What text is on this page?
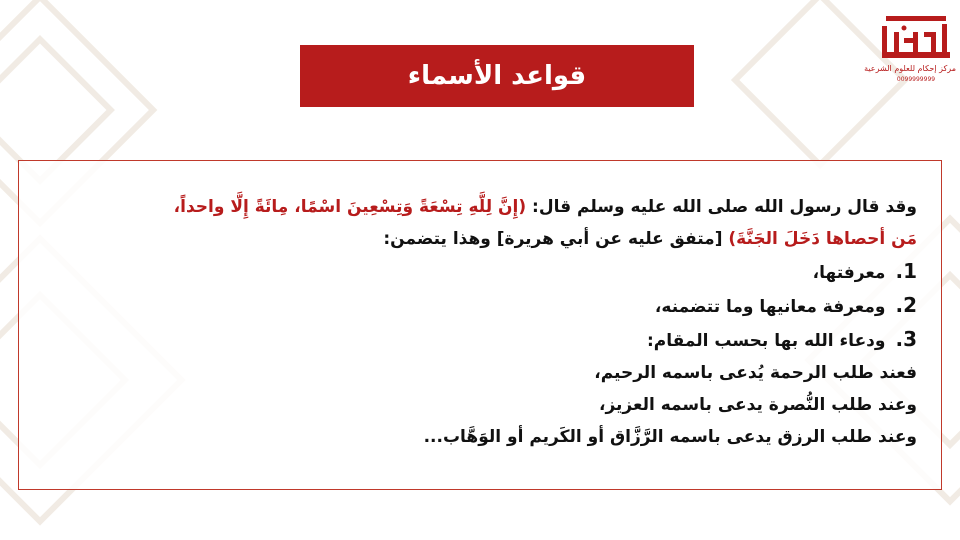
مركز إحكام للعلوم الشرعية
0099999999
قواعد الأسماء
وقد قال رسول الله صلى الله عليه وسلم قال: (إِنَّ لِلَّهِ تِسْعَةً وَتِسْعِينَ اسْمًا، مِائَةً إِلَّا واحداً،
مَن أحصاها دَخَلَ الجَنَّةَ) [متفق عليه عن أبي هريرة] وهذا يتضمن:
1.معرفتها،
2.ومعرفة معانيها وما تتضمنه،
3.ودعاء الله بها بحسب المقام:
فعند طلب الرحمة يُدعى باسمه الرحيم،
وعند طلب النُّصرة يدعى باسمه العزيز،
وعند طلب الرزق يدعى باسمه الرَّزَّاق أو الكَريم أو الوَهَّاب...
